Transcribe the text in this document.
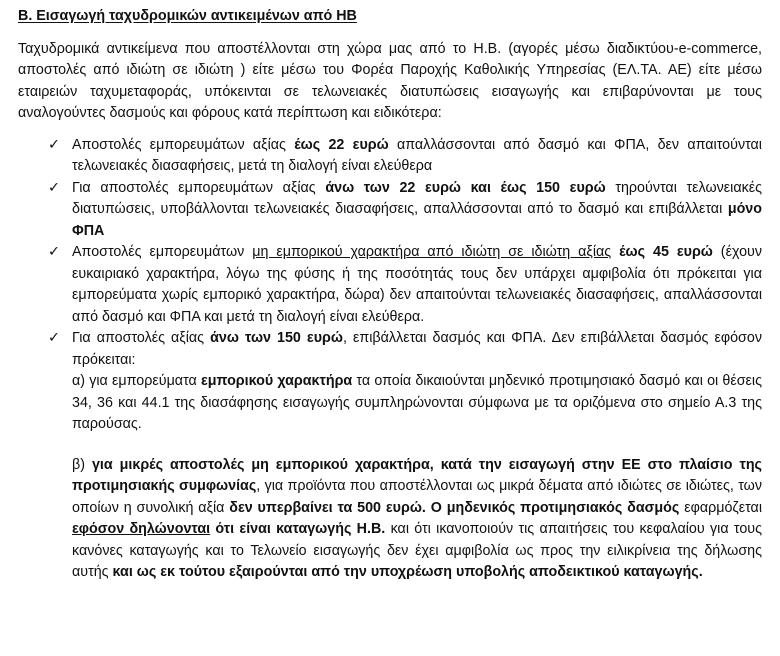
Β. Εισαγωγή ταχυδρομικών αντικειμένων από ΗΒ

Ταχυδρομικά αντικείμενα που αποστέλλονται στη χώρα μας από το Η.Β. (αγορές μέσω διαδικτύου-e-commerce, αποστολές από ιδιώτη σε ιδιώτη ) είτε μέσω του Φορέα Παροχής Καθολικής Υπηρεσίας (ΕΛ.ΤΑ. ΑΕ) είτε μέσω εταιρειών ταχυμεταφοράς, υπόκεινται σε τελωνειακές διατυπώσεις εισαγωγής και επιβαρύνονται με τους αναλογούντες δασμούς και φόρους κατά περίπτωση και ειδικότερα:

✓ Αποστολές εμπορευμάτων αξίας έως 22 ευρώ απαλλάσσονται από δασμό και ΦΠΑ, δεν απαιτούνται τελωνειακές διασαφήσεις, μετά τη διαλογή είναι ελεύθερα
✓ Για αποστολές εμπορευμάτων αξίας άνω των 22 ευρώ και έως 150 ευρώ τηρούνται τελωνειακές διατυπώσεις, υποβάλλονται τελωνειακές διασαφήσεις, απαλλάσσονται από το δασμό και επιβάλλεται μόνο ΦΠΑ
✓ Αποστολές εμπορευμάτων μη εμπορικού χαρακτήρα από ιδιώτη σε ιδιώτη αξίας έως 45 ευρώ (έχουν ευκαιριακό χαρακτήρα, λόγω της φύσης ή της ποσότητάς τους δεν υπάρχει αμφιβολία ότι πρόκειται για εμπορεύματα χωρίς εμπορικό χαρακτήρα, δώρα) δεν απαιτούνται τελωνειακές διασαφήσεις, απαλλάσσονται από δασμό και ΦΠΑ και μετά τη διαλογή είναι ελεύθερα.
✓ Για αποστολές αξίας άνω των 150 ευρώ, επιβάλλεται δασμός και ΦΠΑ. Δεν επιβάλλεται δασμός εφόσον πρόκειται:
α) για εμπορεύματα εμπορικού χαρακτήρα τα οποία δικαιούνται μηδενικό προτιμησιακό δασμό και οι θέσεις 34, 36 και 44.1 της διασάφησης εισαγωγής συμπληρώνονται σύμφωνα με τα οριζόμενα στο σημείο Α.3 της παρούσας.
β) για μικρές αποστολές μη εμπορικού χαρακτήρα, κατά την εισαγωγή στην ΕΕ στο πλαίσιο της προτιμησιακής συμφωνίας, για προϊόντα που αποστέλλονται ως μικρά δέματα από ιδιώτες σε ιδιώτες, των οποίων η συνολική αξία δεν υπερβαίνει τα 500 ευρώ. Ο μηδενικός προτιμησιακός δασμός εφαρμόζεται εφόσον δηλώνονται ότι είναι καταγωγής Η.Β. και ότι ικανοποιούν τις απαιτήσεις του κεφαλαίου για τους κανόνες καταγωγής και το Τελωνείο εισαγωγής δεν έχει αμφιβολία ως προς την ειλικρίνεια της δήλωσης αυτής και ως εκ τούτου εξαιρούνται από την υποχρέωση υποβολής αποδεικτικού καταγωγής.
